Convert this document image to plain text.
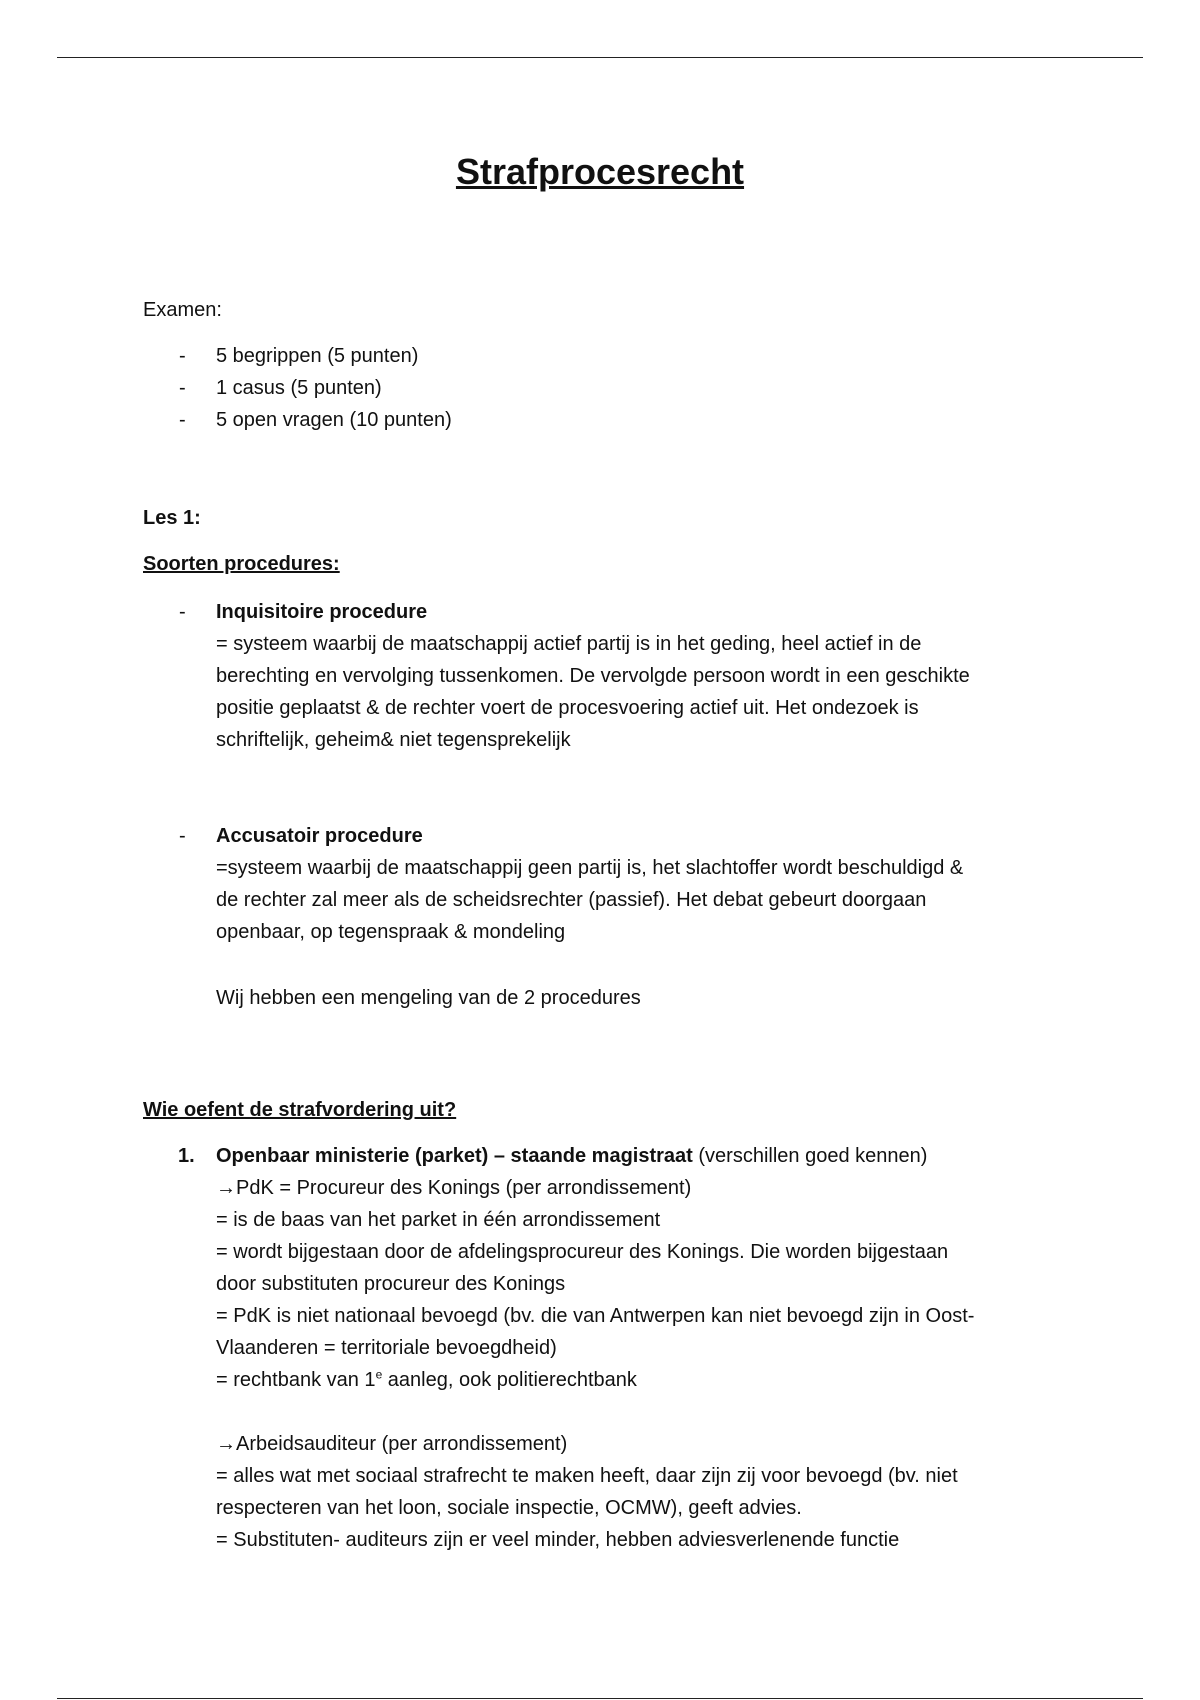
Strafprocesrecht
Examen:
-	5 begrippen (5 punten)
-	1 casus (5 punten)
-	5 open vragen (10 punten)
Les 1:
Soorten procedures:
-	Inquisitoire procedure
= systeem waarbij de maatschappij actief partij is in het geding, heel actief in de
berechting en vervolging tussenkomen. De vervolgde persoon wordt in een geschikte
positie geplaatst & de rechter voert de procesvoering actief uit. Het ondezoek is
schriftelijk, geheim& niet tegensprekelijk
-	Accusatoir procedure
=systeem waarbij de maatschappij geen partij is, het slachtoffer wordt beschuldigd &
de rechter zal meer als de scheidsrechter (passief). Het debat gebeurt doorgaan
openbaar, op tegenspraak & mondeling
Wij hebben een mengeling van de 2 procedures
Wie oefent de strafvordering uit?
1.	Openbaar ministerie (parket) – staande magistraat (verschillen goed kennen)
→PdK = Procureur des Konings (per arrondissement)
= is de baas van het parket in één arrondissement
= wordt bijgestaan door de afdelingsprocureur des Konings. Die worden bijgestaan
door substituten procureur des Konings
= PdK is niet nationaal bevoegd (bv. die van Antwerpen kan niet bevoegd zijn in Oost-
Vlaanderen = territoriale bevoegdheid)
= rechtbank van 1e aanleg, ook politierechtbank
→Arbeidsauditeur (per arrondissement)
= alles wat met sociaal strafrecht te maken heeft, daar zijn zij voor bevoegd (bv. niet
respecteren van het loon, sociale inspectie, OCMW), geeft advies.
= Substituten- auditeurs zijn er veel minder, hebben adviesverlenende functie
